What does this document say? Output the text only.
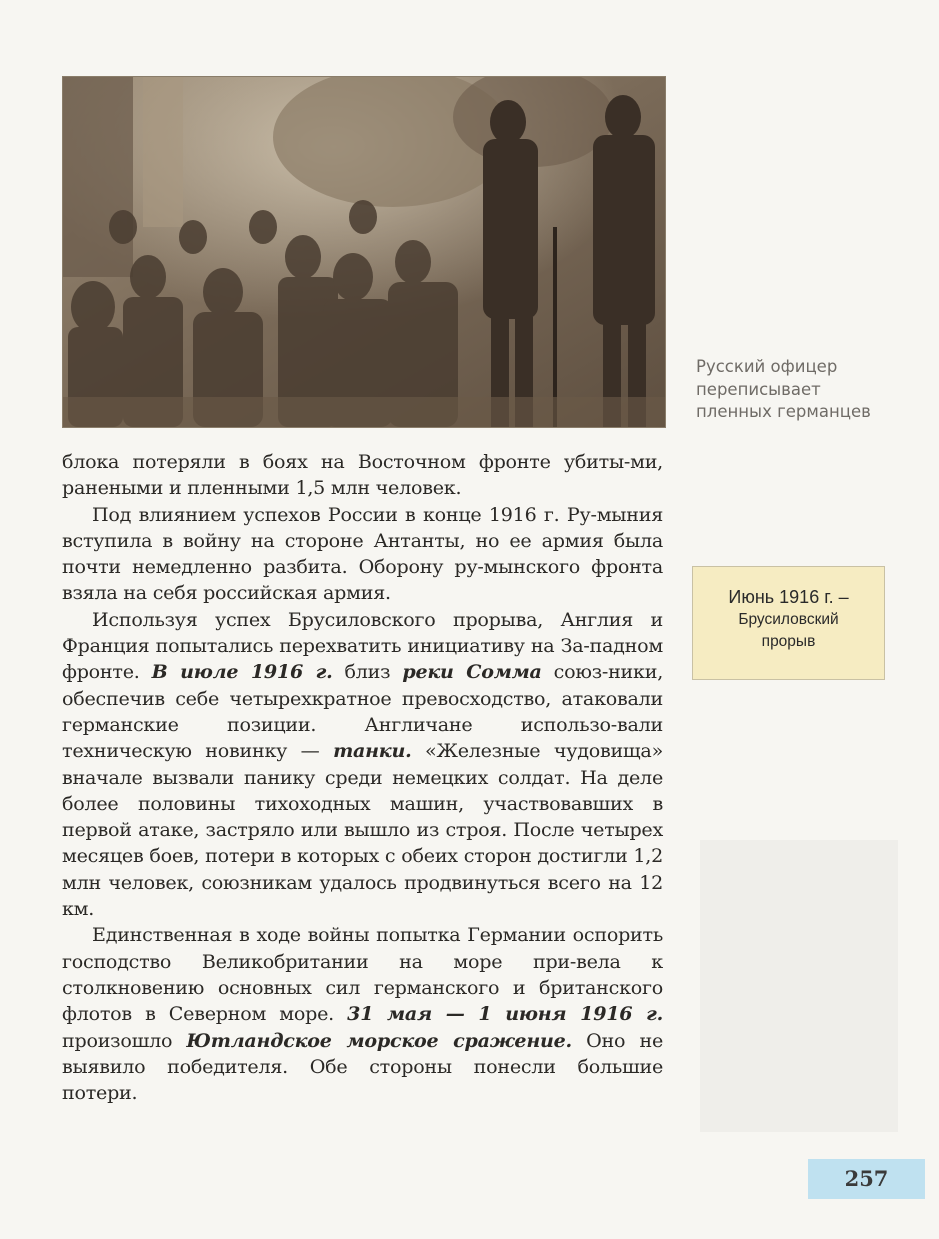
Русский офицер
переписывает
пленных германцев

блока потеряли в боях на Восточном фронте убиты-ми, ранеными и пленными 1,5 млн человек.

Под влиянием успехов России в конце 1916 г. Ру-мыния вступила в войну на стороне Антанты, но ее армия была почти немедленно разбита. Оборону ру-мынского фронта взяла на себя российская армия.

Используя успех Брусиловского прорыва, Англия и Франция попытались перехватить инициативу на За-падном фронте. В июле 1916 г. близ реки Сомма союз-ники, обеспечив себе четырехкратное превосходство, атаковали германские позиции. Англичане использо-вали техническую новинку — танки. «Железные чудовища» вначале вызвали панику среди немецких солдат. На деле более половины тихоходных машин, участвовавших в первой атаке, застряло или вышло из строя. После четырех месяцев боев, потери в которых с обеих сторон достигли 1,2 млн человек, союзникам удалось продвинуться всего на 12 км.

Единственная в ходе войны попытка Германии оспорить господство Великобритании на море при-вела к столкновению основных сил германского и британского флотов в Северном море. 31 мая — 1 июня 1916 г. произошло Ютландское морское сражение. Оно не выявило победителя. Обе стороны понесли большие потери.

Июнь 1916 г. –
Брусиловский
прорыв
257
